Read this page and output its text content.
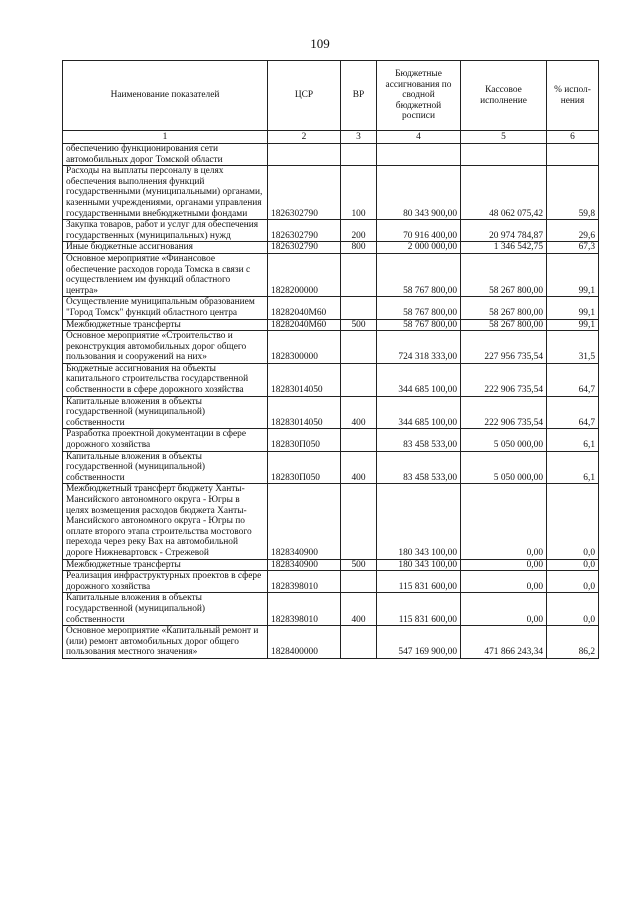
109
Наименование показателей	ЦСР	ВР	Бюджетные ассигнования по сводной бюджетной росписи	Кассовое исполнение	% испол- нения
1	2	3	4	5	6
обеспечению функционирования сети автомобильных дорог Томской области					
Расходы на выплаты персоналу в целях обеспечения выполнения функций государственными (муниципальными) органами, казенными учреждениями, органами управления государственными внебюджетными фондами	1826302790	100	80 343 900,00	48 062 075,42	59,8
Закупка товаров, работ и услуг для обеспечения государственных (муниципальных) нужд	1826302790	200	70 916 400,00	20 974 784,87	29,6
Иные бюджетные ассигнования	1826302790	800	2 000 000,00	1 346 542,75	67,3
Основное мероприятие «Финансовое обеспечение расходов города Томска в связи с осуществлением им функций областного центра»	1828200000		58 767 800,00	58 267 800,00	99,1
Осуществление муниципальным образованием "Город Томск" функций областного центра	18282040М60		58 767 800,00	58 267 800,00	99,1
Межбюджетные трансферты	18282040М60	500	58 767 800,00	58 267 800,00	99,1
Основное мероприятие «Строительство и реконструкция автомобильных дорог общего пользования и сооружений на них»	1828300000		724 318 333,00	227 956 735,54	31,5
Бюджетные ассигнования на объекты капитального строительства государственной собственности в сфере дорожного хозяйства	18283014050		344 685 100,00	222 906 735,54	64,7
Капитальные вложения в объекты государственной (муниципальной) собственности	18283014050	400	344 685 100,00	222 906 735,54	64,7
Разработка проектной документации в сфере дорожного хозяйства	182830П050		83 458 533,00	5 050 000,00	6,1
Капитальные вложения в объекты государственной (муниципальной) собственности	182830П050	400	83 458 533,00	5 050 000,00	6,1
Межбюджетный трансферт бюджету Ханты-Мансийского автономного округа - Югры в целях возмещения расходов бюджета Ханты-Мансийского автономного округа - Югры по оплате второго этапа строительства мостового перехода через реку Вах на автомобильной дороге Нижневартовск - Стрежевой	1828340900		180 343 100,00	0,00	0,0
Межбюджетные трансферты	1828340900	500	180 343 100,00	0,00	0,0
Реализация инфраструктурных проектов в сфере дорожного хозяйства	1828398010		115 831 600,00	0,00	0,0
Капитальные вложения в объекты государственной (муниципальной) собственности	1828398010	400	115 831 600,00	0,00	0,0
Основное мероприятие «Капитальный ремонт и (или) ремонт автомобильных дорог общего пользования местного значения»	1828400000		547 169 900,00	471 866 243,34	86,2
